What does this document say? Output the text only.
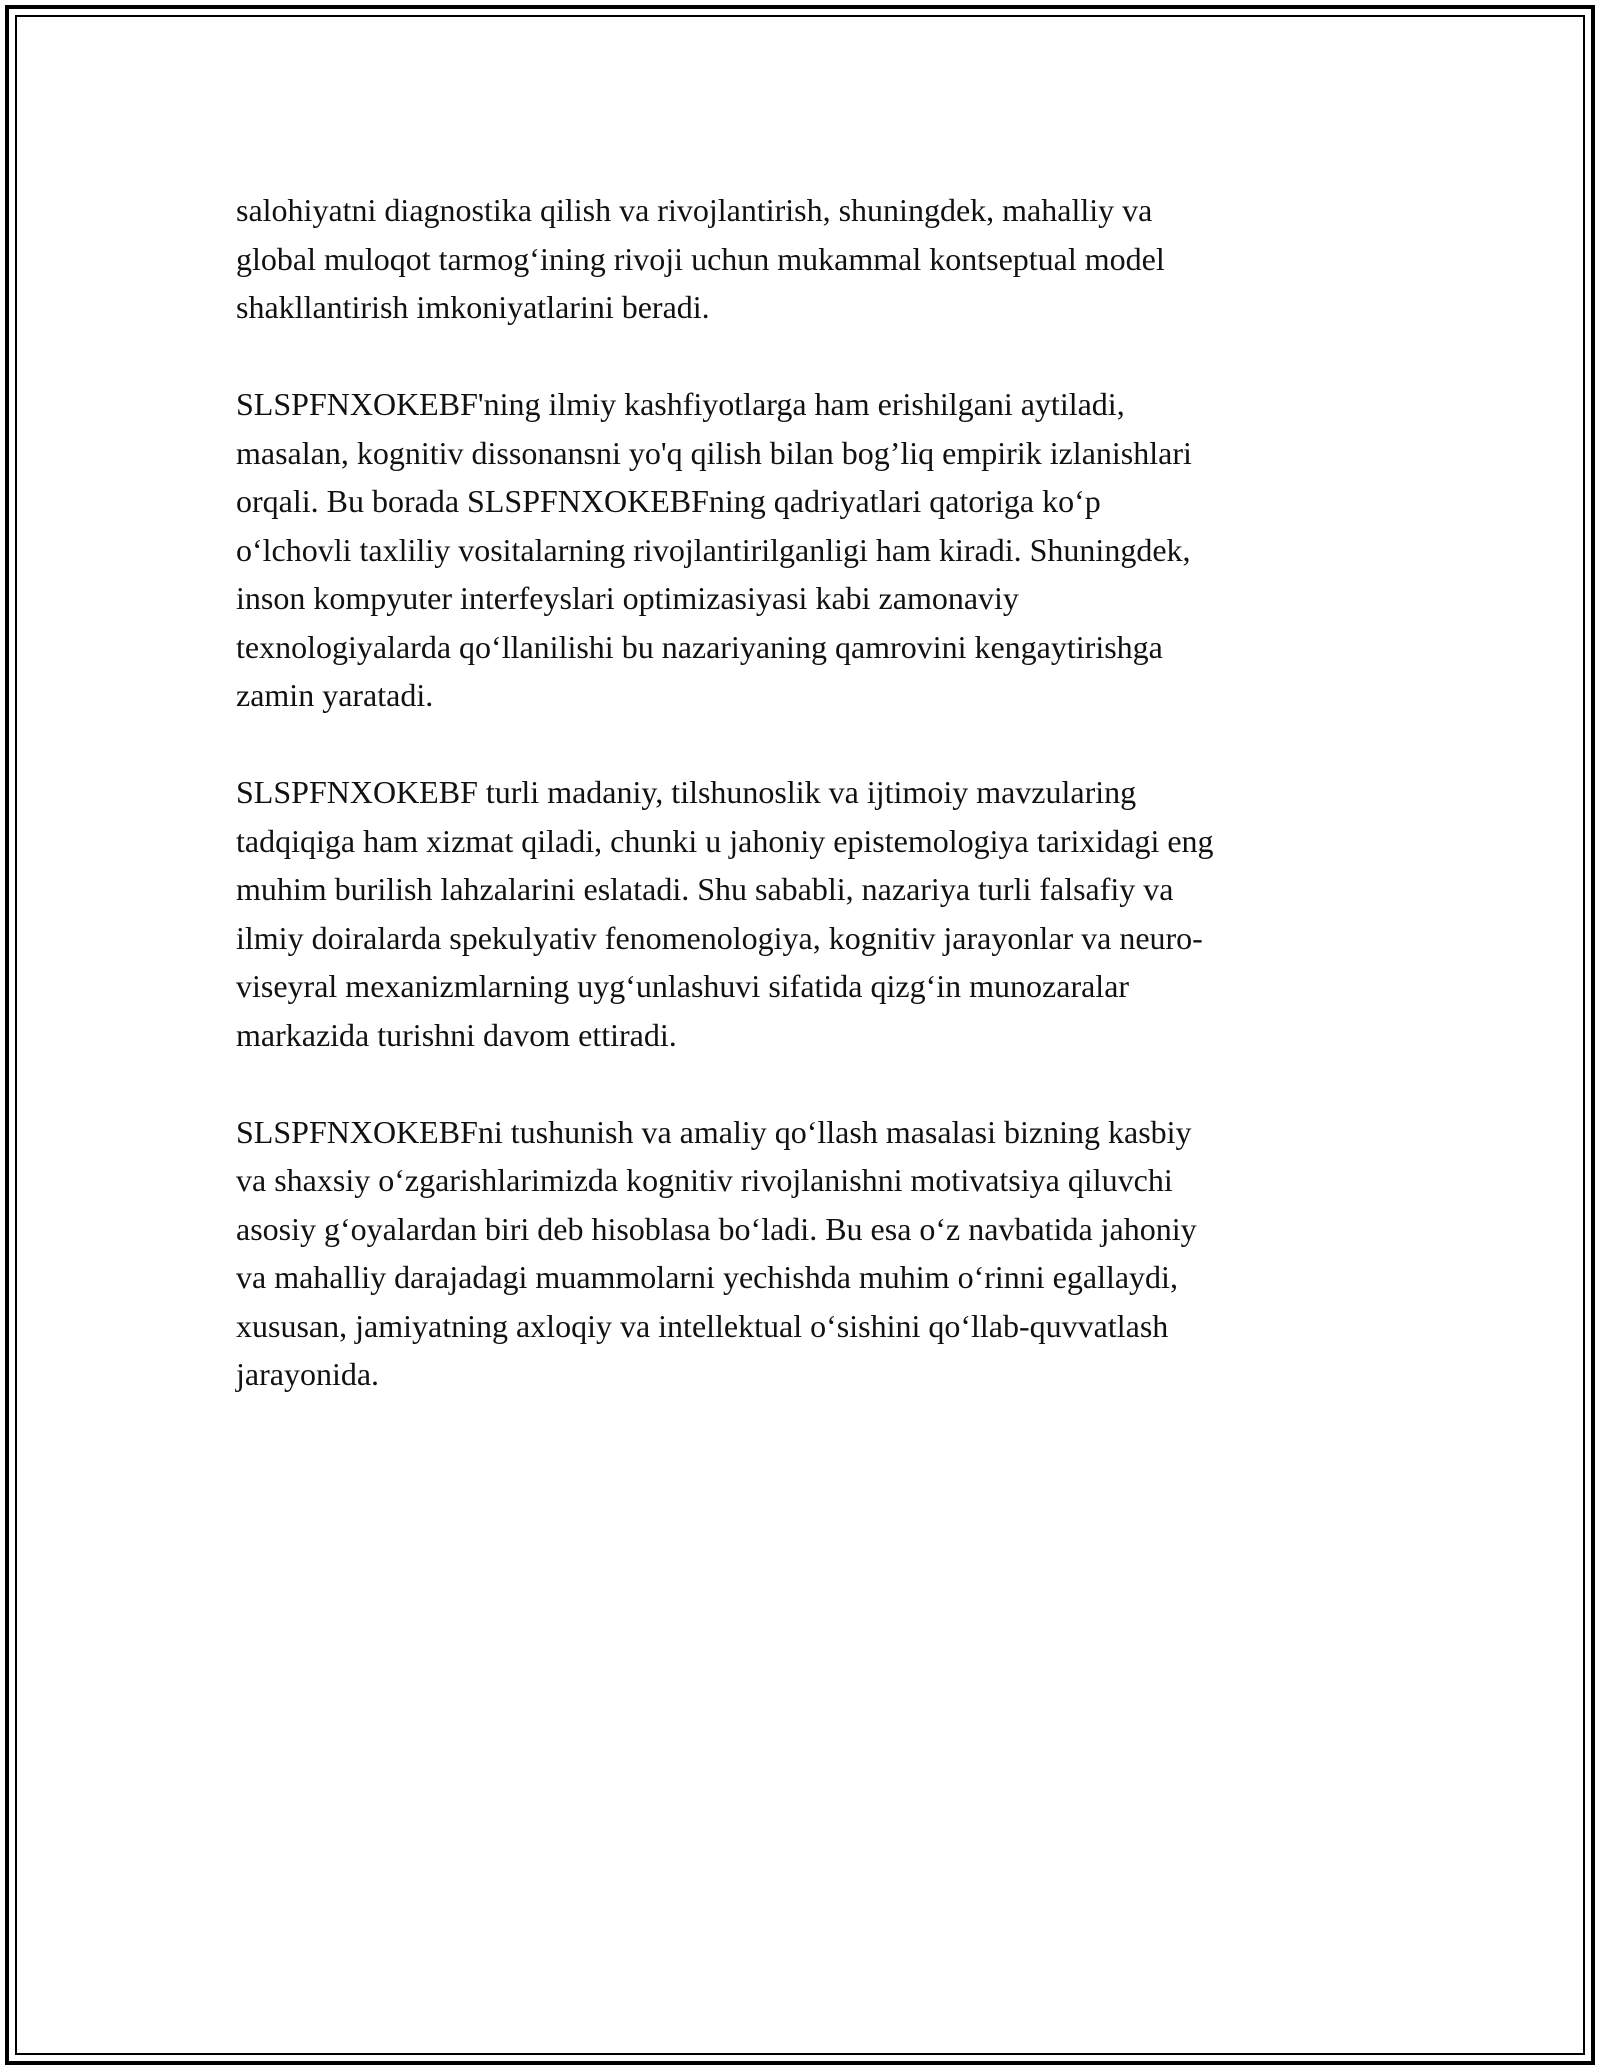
salohiyatni diagnostika qilish va rivojlantirish, shuningdek, mahalliy va
global muloqot tarmog‘ining rivoji uchun mukammal kontseptual model
shakllantirish imkoniyatlarini beradi.

SLSPFNXOKEBF'ning ilmiy kashfiyotlarga ham erishilgani aytiladi,
masalan, kognitiv dissonansni yo'q qilish bilan bog’liq empirik izlanishlari
orqali. Bu borada SLSPFNXOKEBFning qadriyatlari qatoriga ko‘p
o‘lchovli taxliliy vositalarning rivojlantirilganligi ham kiradi. Shuningdek,
inson kompyuter interfeyslari optimizasiyasi kabi zamonaviy
texnologiyalarda qo‘llanilishi bu nazariyaning qamrovini kengaytirishga
zamin yaratadi.

SLSPFNXOKEBF turli madaniy, tilshunoslik va ijtimoiy mavzularing
tadqiqiga ham xizmat qiladi, chunki u jahoniy epistemologiya tarixidagi eng
muhim burilish lahzalarini eslatadi. Shu sababli, nazariya turli falsafiy va
ilmiy doiralarda spekulyativ fenomenologiya, kognitiv jarayonlar va neuro-
viseyral mexanizmlarning uyg‘unlashuvi sifatida qizg‘in munozaralar
markazida turishni davom ettiradi.

SLSPFNXOKEBFni tushunish va amaliy qo‘llash masalasi bizning kasbiy
va shaxsiy o‘zgarishlarimizda kognitiv rivojlanishni motivatsiya qiluvchi
asosiy g‘oyalardan biri deb hisoblasa bo‘ladi. Bu esa o‘z navbatida jahoniy
va mahalliy darajadagi muammolarni yechishda muhim o‘rinni egallaydi,
xususan, jamiyatning axloqiy va intellektual o‘sishini qo‘llab-quvvatlash
jarayonida.
